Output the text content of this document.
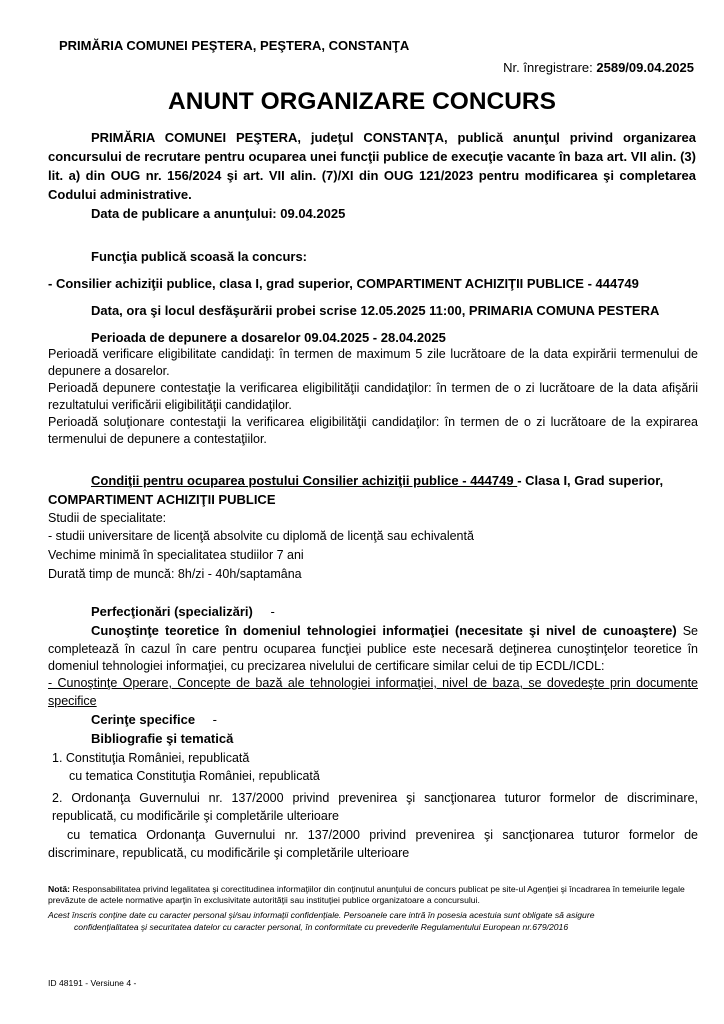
PRIMĂRIA COMUNEI PEŞTERA, PEŞTERA, CONSTANŢA
Nr. înregistrare: 2589/09.04.2025
ANUNT ORGANIZARE CONCURS
PRIMĂRIA COMUNEI PEŞTERA, judeţul CONSTANŢA, publică anunţul privind organizarea concursului de recrutare pentru ocuparea unei funcţii publice de execuţie vacante în baza art. VII alin. (3) lit. a) din OUG nr. 156/2024 şi art. VII alin. (7)/XI din OUG 121/2023 pentru modificarea şi completarea Codului administrative.
Data de publicare a anunţului: 09.04.2025
Funcţia publică scoasă la concurs:
- Consilier achiziţii publice, clasa I, grad superior, COMPARTIMENT ACHIZIŢII PUBLICE - 444749
Data, ora şi locul desfăşurării probei scrise 12.05.2025 11:00, PRIMARIA COMUNA PESTERA
Perioada de depunere a dosarelor 09.04.2025 - 28.04.2025
Perioadă verificare eligibilitate candidaţi: în termen de maximum 5 zile lucrătoare de la data expirării termenului de depunere a dosarelor.
Perioadă depunere contestaţie la verificarea eligibilităţii candidaţilor: în termen de o zi lucrătoare de la data afişării rezultatului verificării eligibilităţii candidaţilor.
Perioadă soluţionare contestaţii la verificarea eligibilităţii candidaţilor: în termen de o zi lucrătoare de la expirarea termenului de depunere a contestaţiilor.
Condiţii pentru ocuparea postului Consilier achiziţii publice - 444749 - Clasa I, Grad superior,
COMPARTIMENT ACHIZIŢII PUBLICE
Studii de specialitate:
- studii universitare de licenţă absolvite cu diplomă de licenţă sau echivalentă
Vechime minimă în specialitatea studiilor 7 ani
Durată timp de muncă: 8h/zi - 40h/saptamâna
Perfecţionări (specializări) -
Cunoştinţe teoretice în domeniul tehnologiei informaţiei (necesitate şi nivel de cunoaştere) Se completează în cazul în care pentru ocuparea funcţiei publice este necesară deţinerea cunoştinţelor teoretice în domeniul tehnologiei informaţiei, cu precizarea nivelului de certificare similar celui de tip ECDL/ICDL:
- Cunoştinţe Operare, Concepte de bază ale tehnologiei informaţiei, nivel de baza, se dovedeşte prin documente specifice
Cerinţe specifice -
Bibliografie şi tematică
1. Constituţia României, republicată
cu tematica Constituţia României, republicată
2. Ordonanţa Guvernului nr. 137/2000 privind prevenirea şi sancţionarea tuturor formelor de discriminare, republicată, cu modificările şi completările ulterioare
cu tematica Ordonanţa Guvernului nr. 137/2000 privind prevenirea şi sancţionarea tuturor formelor de discriminare, republicată, cu modificările şi completările ulterioare
Notă: Responsabilitatea privind legalitatea şi corectitudinea informaţiilor din conţinutul anunţului de concurs publicat pe site-ul Agenţiei şi încadrarea în temeiurile legale prevăzute de actele normative aparţin în exclusivitate autorităţii sau instituţiei publice organizatoare a concursului.
Acest înscris conţine date cu caracter personal şi/sau informaţii confidenţiale. Persoanele care intră în posesia acestuia sunt obligate să asigure
confidenţialitatea şi securitatea datelor cu caracter personal, în conformitate cu prevederile Regulamentului European nr.679/2016
ID 48191 - Versiune 4 -
